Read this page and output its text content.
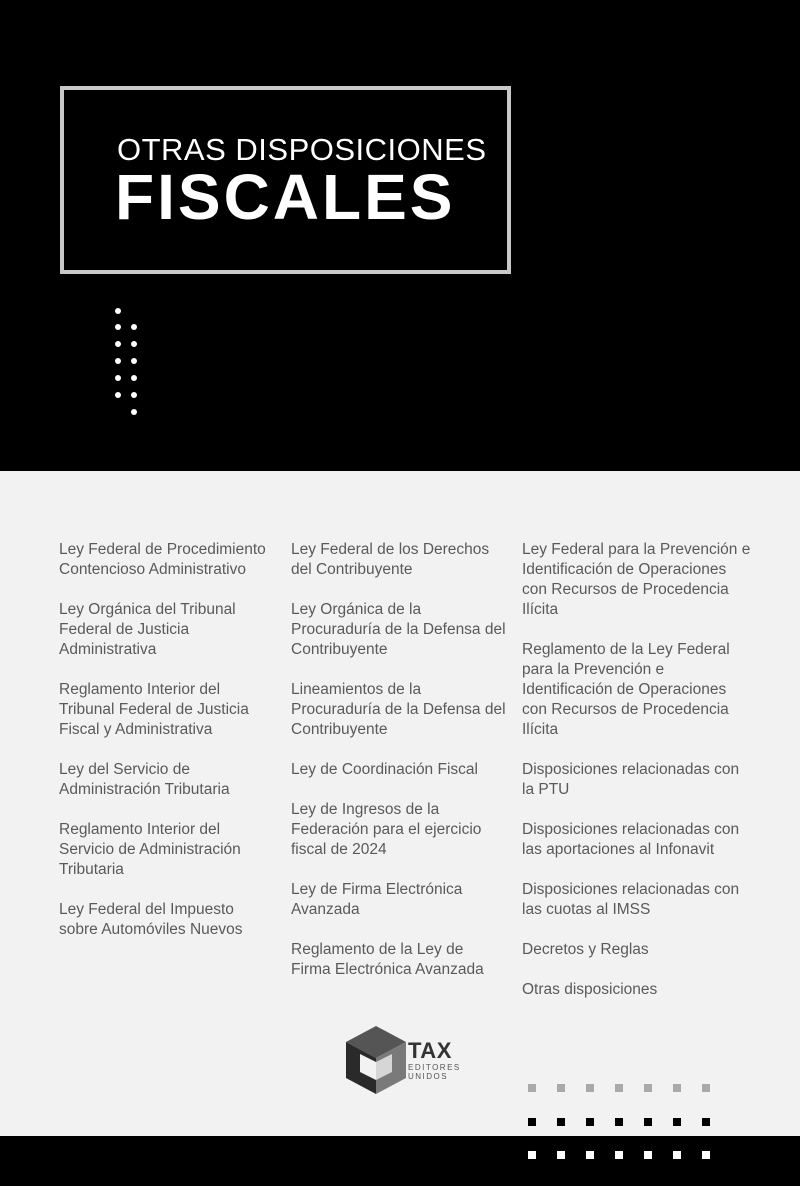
OTRAS DISPOSICIONES
FISCALES
Ley Federal de Procedimiento Contencioso Administrativo
Ley Orgánica del Tribunal Federal de Justicia Administrativa
Reglamento Interior del Tribunal Federal de Justicia Fiscal y Administrativa
Ley del Servicio de Administración Tributaria
Reglamento Interior del Servicio de Administración Tributaria
Ley Federal del Impuesto sobre Automóviles Nuevos
Ley Federal de los Derechos del Contribuyente
Ley Orgánica de la Procuraduría de la Defensa del Contribuyente
Lineamientos de la Procuraduría de la Defensa del Contribuyente
Ley de Coordinación Fiscal
Ley de Ingresos de la Federación para el ejercicio fiscal de 2024
Ley de Firma Electrónica Avanzada
Reglamento de la Ley de Firma Electrónica Avanzada
Ley Federal para la Prevención e Identificación de Operaciones con Recursos de Procedencia Ilícita
Reglamento de la Ley Federal para la Prevención e Identificación de Operaciones con Recursos de Procedencia Ilícita
Disposiciones relacionadas con la PTU
Disposiciones relacionadas con las aportaciones al Infonavit
Disposiciones relacionadas con las cuotas al IMSS
Decretos y Reglas
Otras disposiciones
TAX
EDITORES
UNIDOS
